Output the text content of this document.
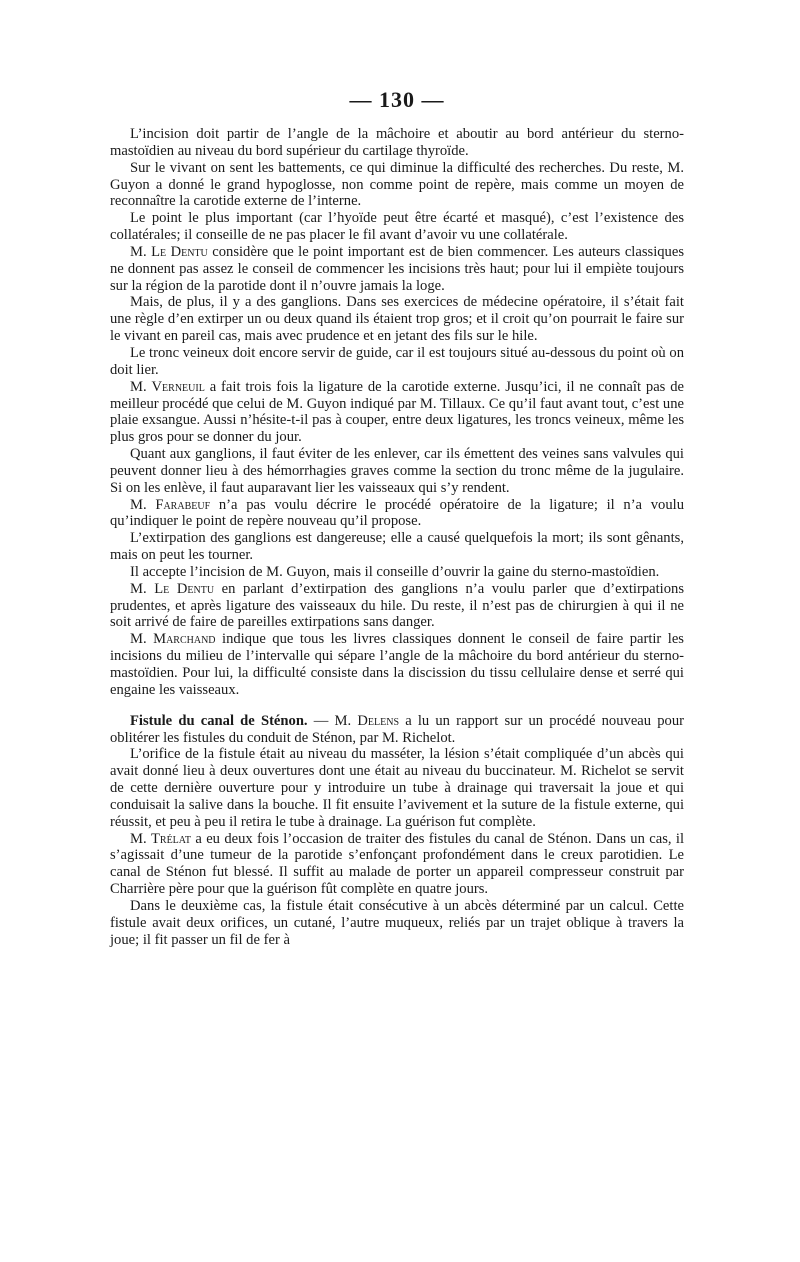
— 130 —

L’incision doit partir de l’angle de la mâchoire et aboutir au bord antérieur du sterno-mastoïdien au niveau du bord supérieur du cartilage thyroïde.

Sur le vivant on sent les battements, ce qui diminue la difficulté des recherches. Du reste, M. Guyon a donné le grand hypoglosse, non comme point de repère, mais comme un moyen de reconnaître la carotide externe de l’interne.

Le point le plus important (car l’hyoïde peut être écarté et masqué), c’est l’existence des collatérales; il conseille de ne pas placer le fil avant d’avoir vu une collatérale.

M. Le Dentu considère que le point important est de bien commencer. Les auteurs classiques ne donnent pas assez le conseil de commencer les incisions très haut; pour lui il empiète toujours sur la région de la parotide dont il n’ouvre jamais la loge.

Mais, de plus, il y a des ganglions. Dans ses exercices de médecine opératoire, il s’était fait une règle d’en extirper un ou deux quand ils étaient trop gros; et il croit qu’on pourrait le faire sur le vivant en pareil cas, mais avec prudence et en jetant des fils sur le hile.

Le tronc veineux doit encore servir de guide, car il est toujours situé au-dessous du point où on doit lier.

M. Verneuil a fait trois fois la ligature de la carotide externe. Jusqu’ici, il ne connaît pas de meilleur procédé que celui de M. Guyon indiqué par M. Tillaux. Ce qu’il faut avant tout, c’est une plaie exsangue. Aussi n’hésite-t-il pas à couper, entre deux ligatures, les troncs veineux, même les plus gros pour se donner du jour.

Quant aux ganglions, il faut éviter de les enlever, car ils émettent des veines sans valvules qui peuvent donner lieu à des hémorrhagies graves comme la section du tronc même de la jugulaire. Si on les enlève, il faut auparavant lier les vaisseaux qui s’y rendent.

M. Farabeuf n’a pas voulu décrire le procédé opératoire de la ligature; il n’a voulu qu’indiquer le point de repère nouveau qu’il propose.

L’extirpation des ganglions est dangereuse; elle a causé quelquefois la mort; ils sont gênants, mais on peut les tourner.

Il accepte l’incision de M. Guyon, mais il conseille d’ouvrir la gaine du sterno-mastoïdien.

M. Le Dentu en parlant d’extirpation des ganglions n’a voulu parler que d’extirpations prudentes, et après ligature des vaisseaux du hile. Du reste, il n’est pas de chirurgien à qui il ne soit arrivé de faire de pareilles extirpations sans danger.

M. Marchand indique que tous les livres classiques donnent le conseil de faire partir les incisions du milieu de l’intervalle qui sépare l’angle de la mâchoire du bord antérieur du sterno-mastoïdien. Pour lui, la difficulté consiste dans la discission du tissu cellulaire dense et serré qui engaine les vaisseaux.

Fistule du canal de Sténon. — M. Delens a lu un rapport sur un procédé nouveau pour oblitérer les fistules du conduit de Sténon, par M. Richelot.

L’orifice de la fistule était au niveau du masséter, la lésion s’était compliquée d’un abcès qui avait donné lieu à deux ouvertures dont une était au niveau du buccinateur. M. Richelot se servit de cette dernière ouverture pour y introduire un tube à drainage qui traversait la joue et qui conduisait la salive dans la bouche. Il fit ensuite l’avivement et la suture de la fistule externe, qui réussit, et peu à peu il retira le tube à drainage. La guérison fut complète.

M. Trélat a eu deux fois l’occasion de traiter des fistules du canal de Sténon. Dans un cas, il s’agissait d’une tumeur de la parotide s’enfonçant profondément dans le creux parotidien. Le canal de Sténon fut blessé. Il suffit au malade de porter un appareil compresseur construit par Charrière père pour que la guérison fût complète en quatre jours.

Dans le deuxième cas, la fistule était consécutive à un abcès déterminé par un calcul. Cette fistule avait deux orifices, un cutané, l’autre muqueux, reliés par un trajet oblique à travers la joue; il fit passer un fil de fer à
